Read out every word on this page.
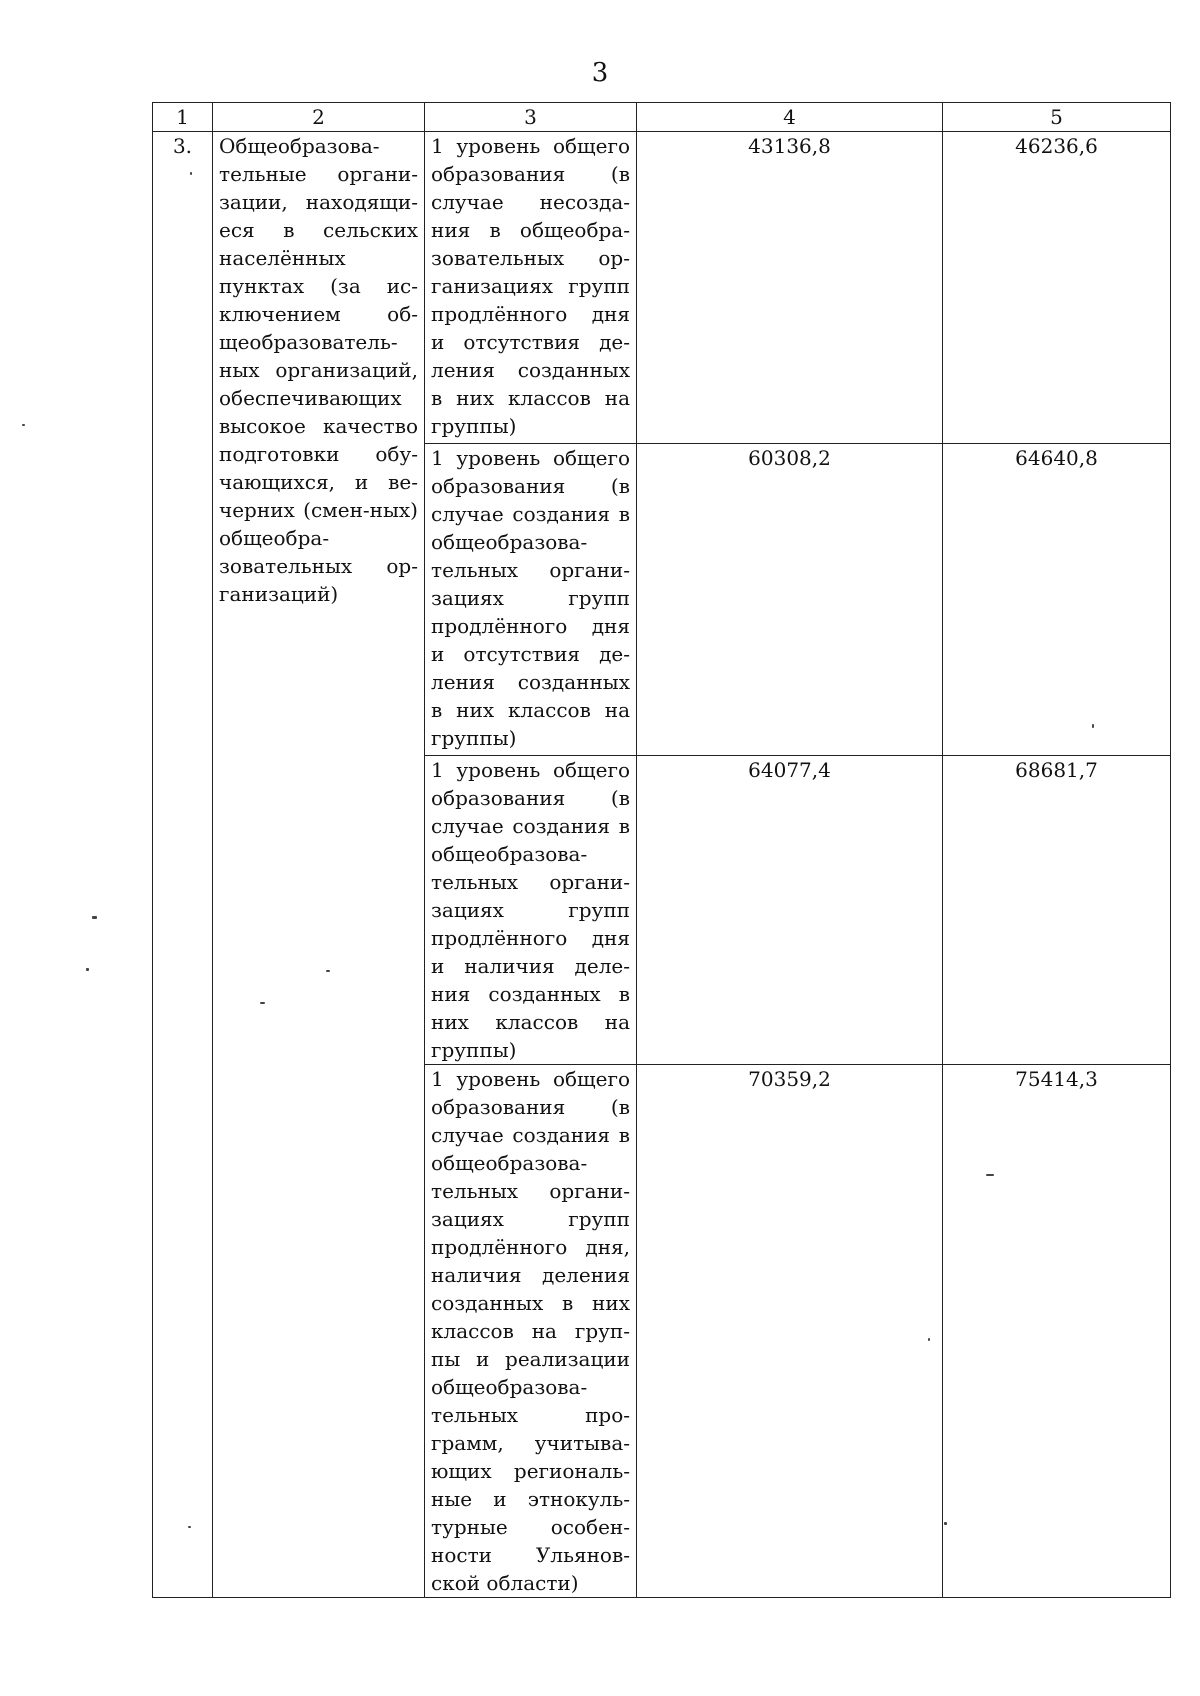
3
1	2	3	4	5
3.	Общеобразова-тельные органи-зации, находящи-еся в сельских населённых пунктах (за ис-ключением об-щеобразователь-ных организаций, обеспечивающих высокое качество подготовки обу-чающихся, и ве-черних (смен-ных) общеобра-зовательных ор-ганизаций)	1 уровень общего образования (в случае несозда-ния в общеобра-зовательных ор-ганизациях групп продлённого дня и отсутствия де-ления созданных в них классов на группы)	43136,8	46236,6
		1 уровень общего образования (в случае создания в общеобразова-тельных органи-зациях групп продлённого дня и отсутствия де-ления созданных в них классов на группы)	60308,2	64640,8
		1 уровень общего образования (в случае создания в общеобразова-тельных органи-зациях групп продлённого дня и наличия деле-ния созданных в них классов на группы)	64077,4	68681,7
		1 уровень общего образования (в случае создания в общеобразова-тельных органи-зациях групп продлённого дня, наличия деления созданных в них классов на груп-пы и реализации общеобразова-тельных про-грамм, учитыва-ющих региональ-ные и этнокуль-турные особен-ности Ульянов-ской области)	70359,2	75414,3
